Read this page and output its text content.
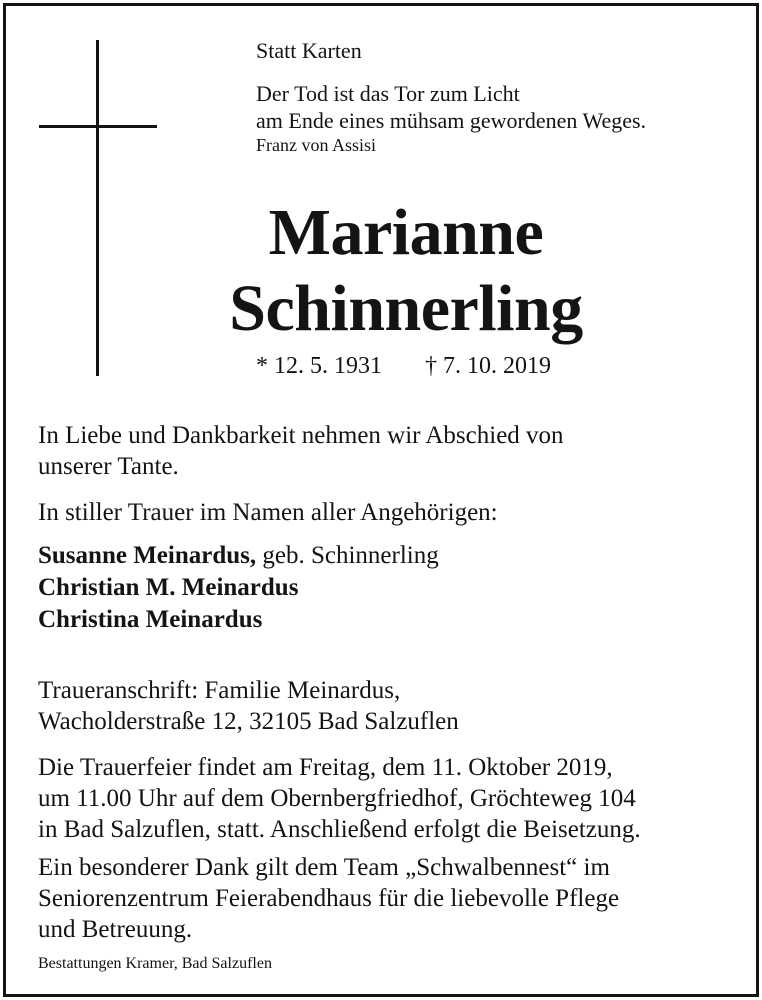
Statt Karten
Der Tod ist das Tor zum Licht
am Ende eines mühsam gewordenen Weges.
Franz von Assisi
Marianne
Schinnerling
* 12. 5. 1931 † 7. 10. 2019
In Liebe und Dankbarkeit nehmen wir Abschied von
unserer Tante.
In stiller Trauer im Namen aller Angehörigen:
Susanne Meinardus, geb. Schinnerling
Christian M. Meinardus
Christina Meinardus
Traueranschrift: Familie Meinardus,
Wacholderstraße 12, 32105 Bad Salzuflen
Die Trauerfeier findet am Freitag, dem 11. Oktober 2019,
um 11.00 Uhr auf dem Obernbergfriedhof, Gröchteweg 104
in Bad Salzuflen, statt. Anschließend erfolgt die Beisetzung.
Ein besonderer Dank gilt dem Team „Schwalbennest“ im
Seniorenzentrum Feierabendhaus für die liebevolle Pflege
und Betreuung.
Bestattungen Kramer, Bad Salzuflen
